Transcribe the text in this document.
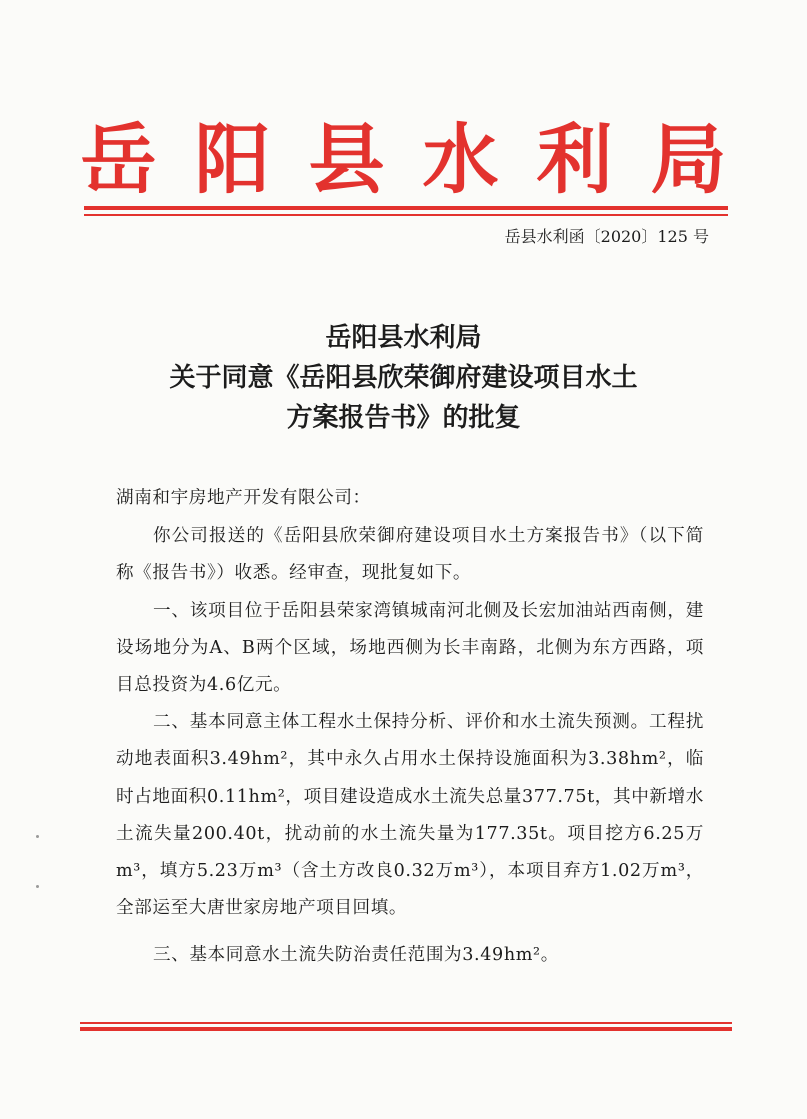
岳阳县水利局
岳县水利函〔2020〕125 号
岳阳县水利局
关于同意《岳阳县欣荣御府建设项目水土
方案报告书》的批复

湖南和宇房地产开发有限公司：

你公司报送的《岳阳县欣荣御府建设项目水土方案报告书》（以下简称《报告书》）收悉。经审查，现批复如下。

一、该项目位于岳阳县荣家湾镇城南河北侧及长宏加油站西南侧，建设场地分为A、B两个区域，场地西侧为长丰南路，北侧为东方西路，项目总投资为4.6亿元。

二、基本同意主体工程水土保持分析、评价和水土流失预测。工程扰动地表面积3.49hm²，其中永久占用水土保持设施面积为3.38hm²，临时占地面积0.11hm²，项目建设造成水土流失总量377.75t，其中新增水土流失量200.40t，扰动前的水土流失量为177.35t。项目挖方6.25万m³，填方5.23万m³（含土方改良0.32万m³），本项目弃方1.02万m³，全部运至大唐世家房地产项目回填。

三、基本同意水土流失防治责任范围为3.49hm²。
